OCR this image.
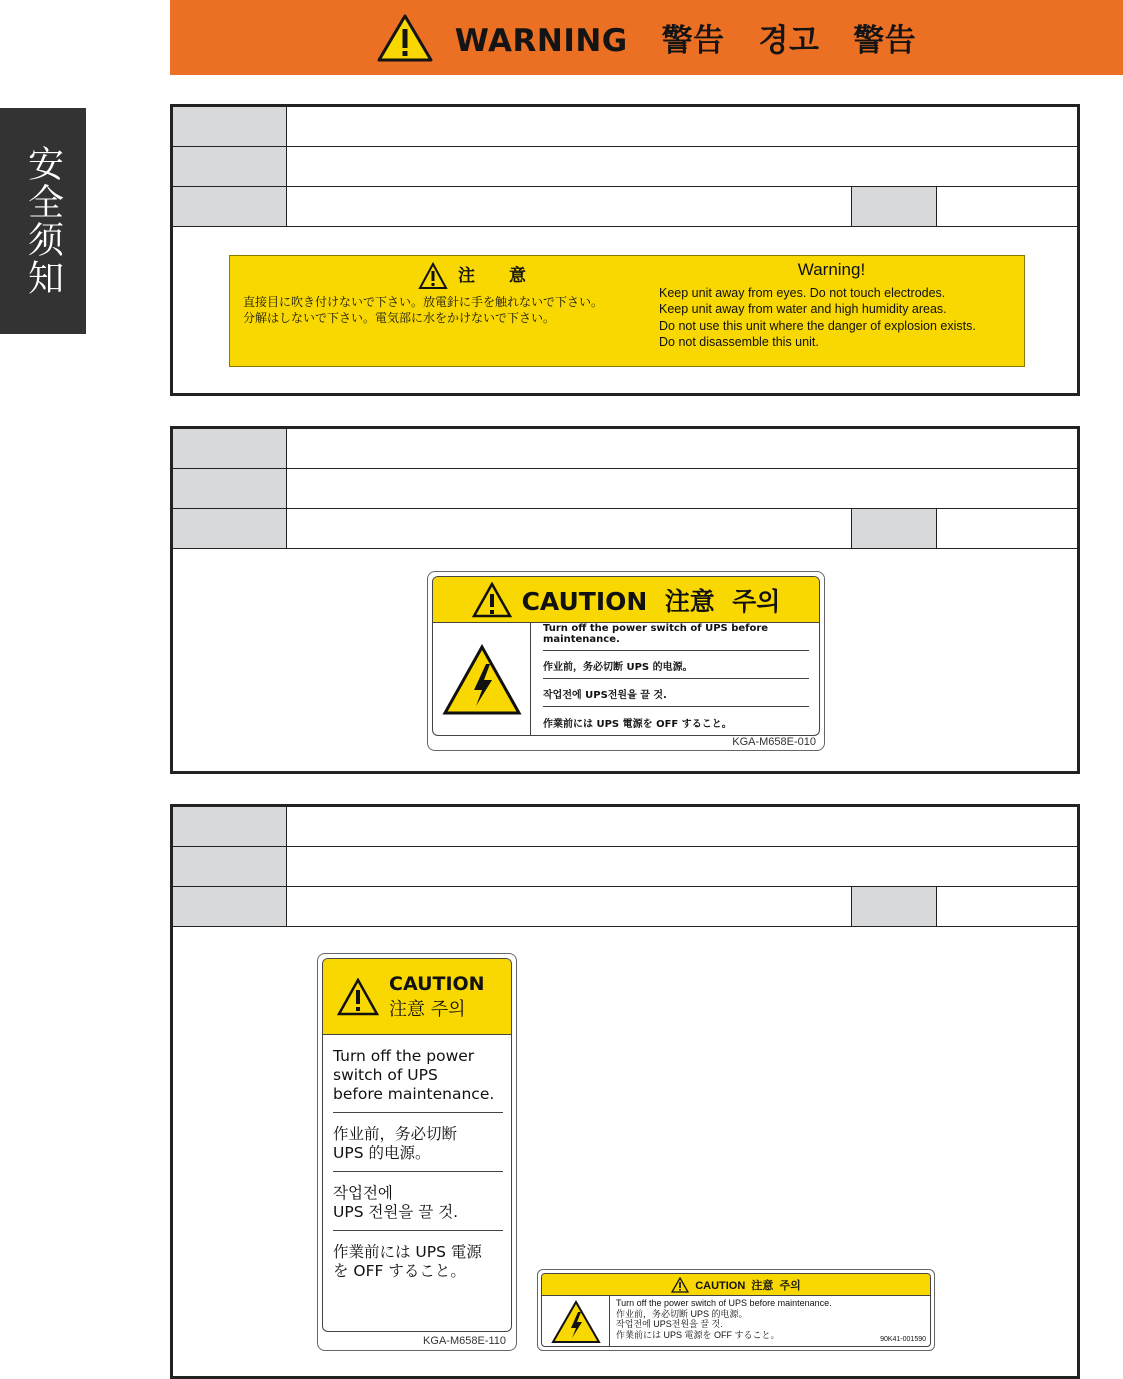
WARNING   警告   경고   警告
安全须知	注 意
直接目に吹き付けないで下さい。放電針に手を触れないで下さい。
分解はしないで下さい。電気部に水をかけないで下さい。
Warning!
Keep unit away from eyes. Do not touch electrodes.
Keep unit away from water and high humidity areas.
Do not use this unit where the danger of explosion exists.
Do not disassemble this unit.
CAUTION  注意  주의
Turn off the power switch of UPS before maintenance.
作业前，务必切断 UPS 的电源。
작업전에 UPS전원을 끌 것.
作業前には UPS 電源を OFF すること。
KGA-M658E-010
CAUTION
注意 주의
Turn off the power
switch of UPS
before maintenance.
作业前，务必切断
UPS 的电源。
작업전에
UPS 전원을 끌 것.
作業前には UPS 電源
を OFF すること。
KGA-M658E-110
CAUTION  注意  주의
Turn off the power switch of UPS before maintenance.
作业前，务必切断 UPS 的电源。
작업전에 UPS전원을 끌 것.
作業前には UPS 電源を OFF すること。	90K41-001590
